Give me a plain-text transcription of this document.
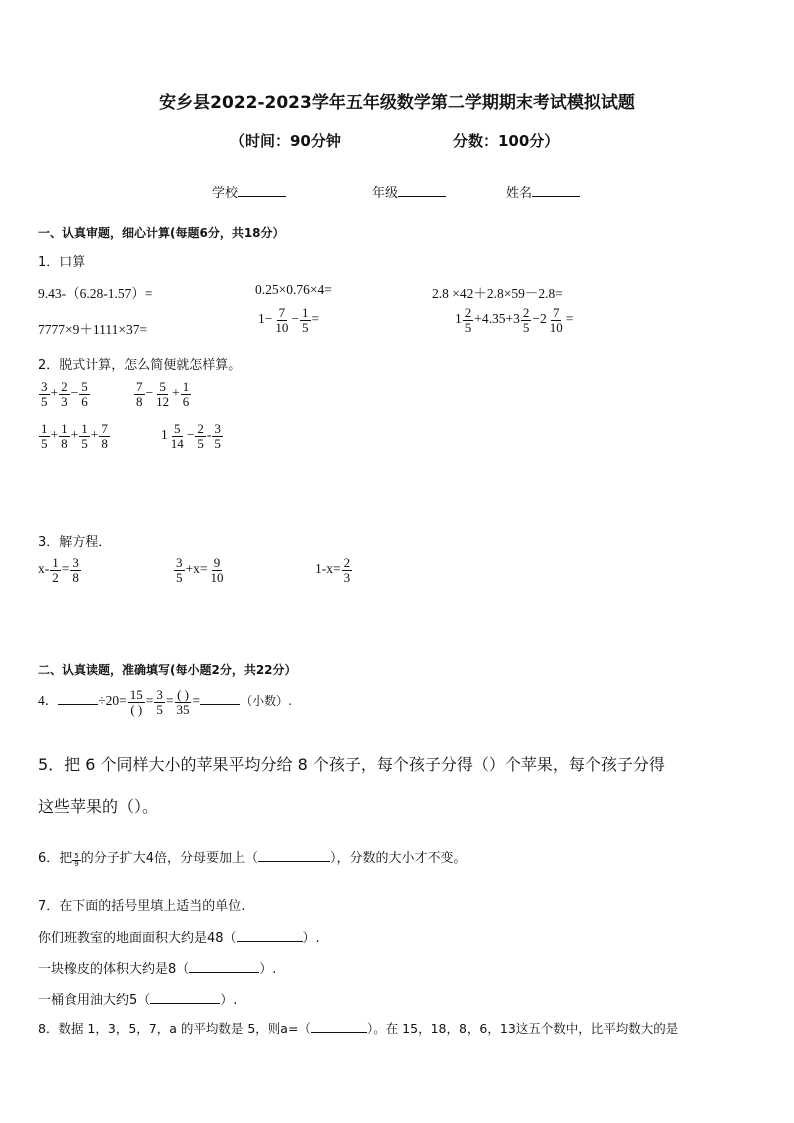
安乡县2022-2023学年五年级数学第二学期期末考试模拟试题
（时间：90分钟	分数：100分）
学校	年级	姓名
一、认真审题，细心计算(每题6分，共18分）
1．口算
9.43-（6.28-1.57）=	0.25×0.76×4=	2.8 ×42＋2.8×59－2.8=
7777×9＋1111×37=
$1- \frac{7}{10} - \frac{1}{5}$ =	$1 \frac{2}{5} +4.35+3 \frac{2}{5} -2 \frac{7}{10}$ =
2．脱式计算，怎么简便就怎样算。
$\frac{3}{5} + \frac{2}{3} - \frac{5}{6}$	$\frac{7}{8} - \frac{5}{12} + \frac{1}{6}$
$\frac{1}{5} + \frac{1}{8} + \frac{1}{5} + \frac{7}{8}$	$1 \frac{5}{14} - \frac{2}{5} - \frac{3}{5}$
3．解方程．
$x- \frac{1}{2} = \frac{3}{8}$	$\frac{3}{5} +x= \frac{9}{10}$	$1-x= \frac{2}{3}$
二、认真读题，准确填写(每小题2分，共22分）
4．	$\div 20= \frac{15}{( )} = \frac{3}{5} = \frac{( )}{35}$ =	（小数）.
5．把 6 个同样大小的苹果平均分给 8 个孩子，每个孩子分得（）个苹果，每个孩子分得
这些苹果的（）。
6．把 $\frac{5}{9}$ 的分子扩大4倍，分母要加上（	），分数的大小才不变。
7．在下面的括号里填上适当的单位.
你们班教室的地面面积大约是48（	）.
一块橡皮的体积大约是8（	）.
一桶食用油大约5（	）.
8．数据 1，3，5，7，a 的平均数是 5，则a=（	）。在 15，18，8，6，13这五个数中，比平均数大的是
